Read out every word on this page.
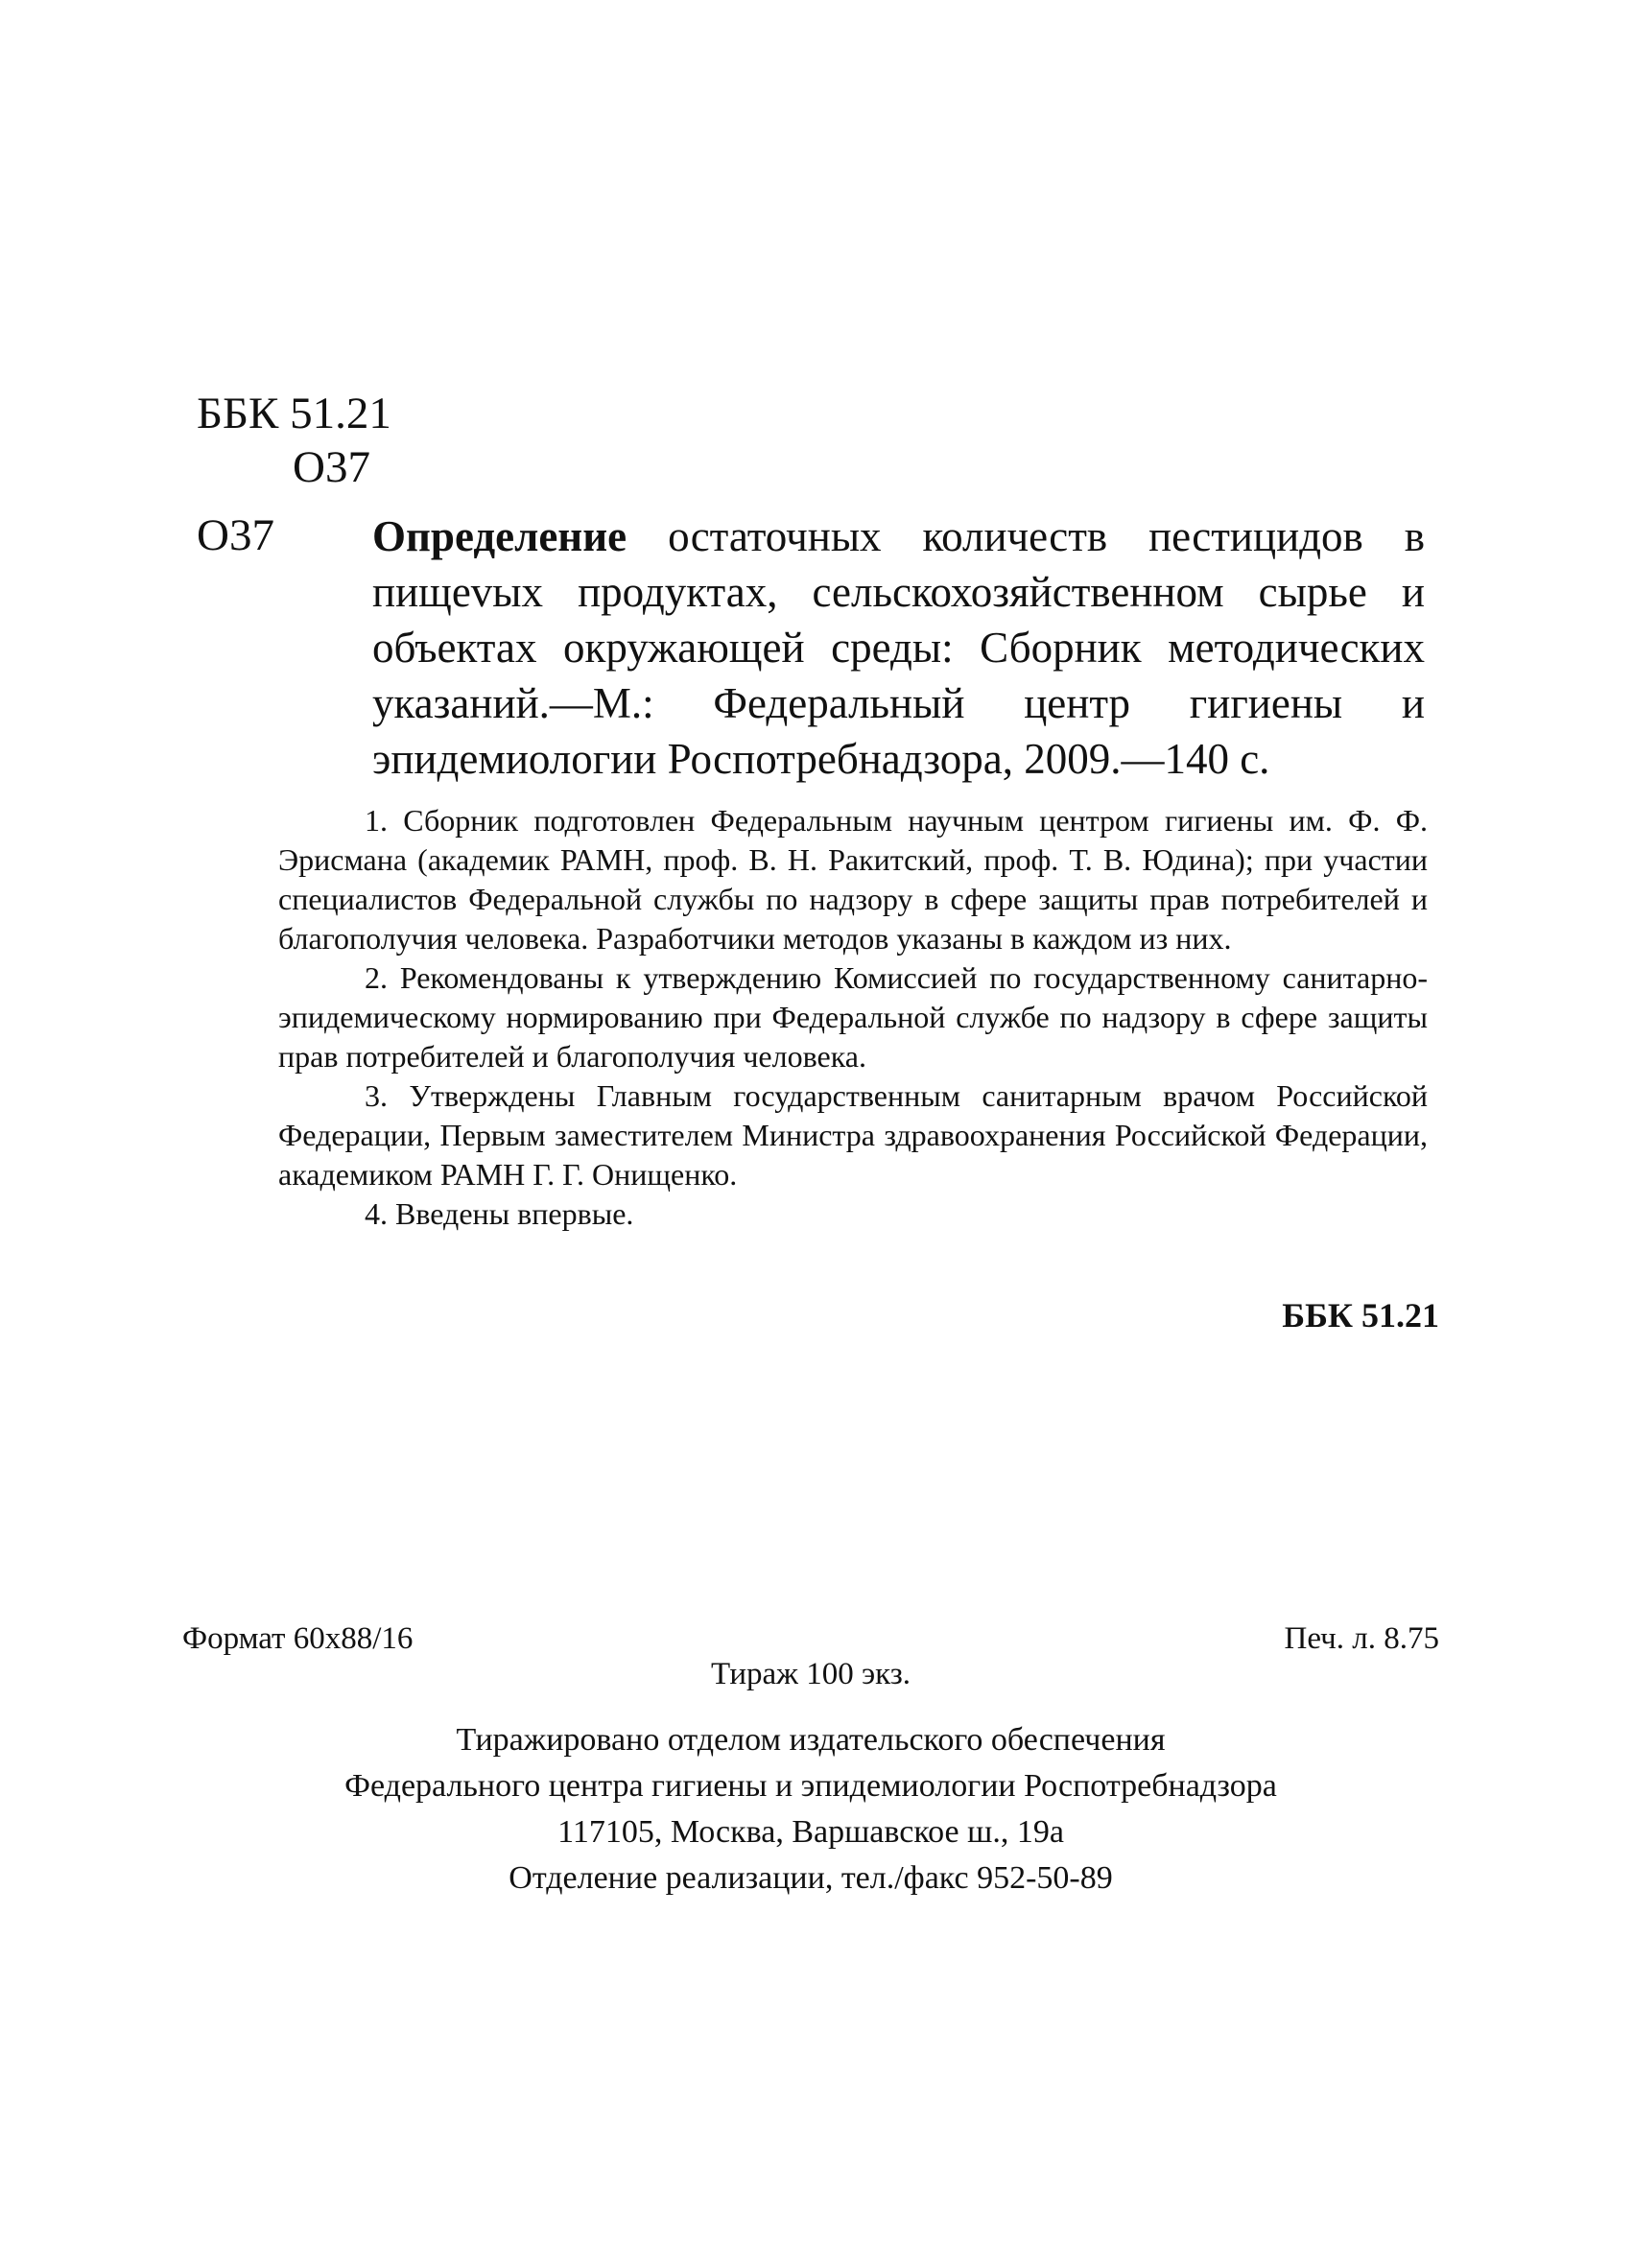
ББК 51.21
О37
О37 Определение остаточных количеств пестицидов в пищеvых продуктах, сельскохозяйственном сырье и объектах окружающей среды: Сборник методических указаний.—М.: Федеральный центр гигиены и эпидемиологии Роспотребнадзора, 2009.—140 с.

1. Сборник подготовлен Федеральным научным центром гигиены им. Ф. Ф. Эрисмана (академик РАМН, проф. В. Н. Ракитский, проф. Т. В. Юдина); при участии специалистов Федеральной службы по надзору в сфере защиты прав потребителей и благополучия человека. Разработчики методов указаны в каждом из них.

2. Рекомендованы к утверждению Комиссией по государственному санитарно-эпидемическому нормированию при Федеральной службе по надзору в сфере защиты прав потребителей и благополучия человека.

3. Утверждены Главным государственным санитарным врачом Российской Федерации, Первым заместителем Министра здравоохранения Российской Федерации, академиком РАМН Г. Г. Онищенко.

4. Введены впервые.

ББК 51.21
Формат 60x88/16	Печ. л. 8.75
Тираж 100 экз.
Тиражировано отделом издательского обеспечения
Федерального центра гигиены и эпидемиологии Роспотребнадзора
117105, Москва, Варшавское ш., 19а
Отделение реализации, тел./факс 952-50-89
